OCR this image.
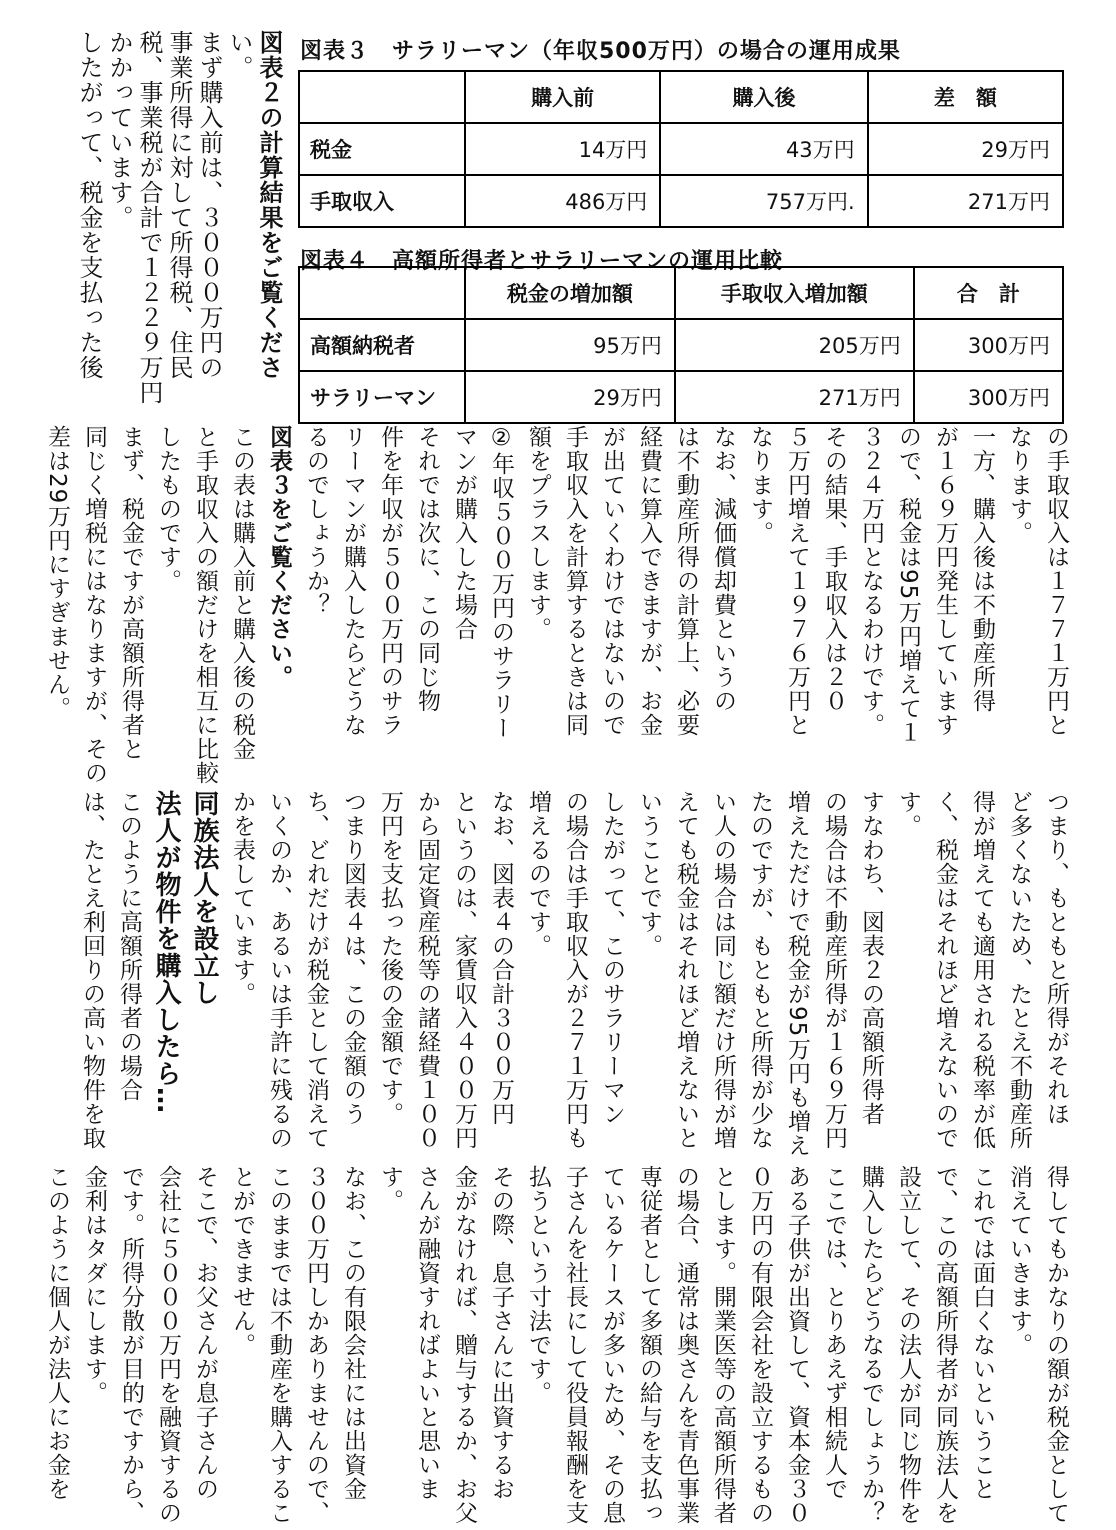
図表２の計算結果をご覧くださ
い。
まず購入前は、３０００万円の
事業所得に対して所得税、住民
税、事業税が合計で１２２９万円
かかっています。
したがって、税金を支払った後	図表３　サラリーマン（年収500万円）の場合の運用成果
	購入前	購入後	差　額
税金	14万円	43万円	29万円
手取収入	486万円	757万円.	271万円
図表４　高額所得者とサラリーマンの運用比較
	税金の増加額	手取収入増加額	合　計
高額納税者	95万円	205万円	300万円
サラリーマン	29万円	271万円	300万円
の手取収入は１７７１万円と
なります。
一方、購入後は不動産所得
が１６９万円発生しています
ので、税金は95万円増えて１
３２４万円となるわけです。
その結果、手取収入は２０
５万円増えて１９７６万円と
なります。
なお、減価償却費というの
は不動産所得の計算上、必要
経費に算入できますが、お金
が出ていくわけではないので
手取収入を計算するときは同
額をプラスします。
②年収５００万円のサラリー
マンが購入した場合
それでは次に、この同じ物
件を年収が５００万円のサラ
リーマンが購入したらどうな
るのでしょうか？
図表３をご覧ください。
この表は購入前と購入後の税金
と手取収入の額だけを相互に比較
したものです。
まず、税金ですが高額所得者と
同じく増税にはなりますが、その
差は29万円にすぎません。
つまり、もともと所得がそれほ
ど多くないため、たとえ不動産所
得が増えても適用される税率が低
く、税金はそれほど増えないので
す。
すなわち、図表２の高額所得者
の場合は不動産所得が１６９万円
増えただけで税金が95万円も増え
たのですが、もともと所得が少な
い人の場合は同じ額だけ所得が増
えても税金はそれほど増えないと
いうことです。
したがって、このサラリーマン
の場合は手取収入が２７１万円も
増えるのです。
なお、図表４の合計３００万円
というのは、家賃収入４００万円
から固定資産税等の諸経費１００
万円を支払った後の金額です。
つまり図表４は、この金額のう
ち、どれだけが税金として消えて
いくのか、あるいは手許に残るの
かを表しています。
同族法人を設立し
法人が物件を購入したら…
このように高額所得者の場合
は、たとえ利回りの高い物件を取
得してもかなりの額が税金として
消えていきます。
これでは面白くないということ
で、この高額所得者が同族法人を
設立して、その法人が同じ物件を
購入したらどうなるでしょうか？
ここでは、とりあえず相続人で
ある子供が出資して、資本金３０
０万円の有限会社を設立するもの
とします。開業医等の高額所得者
の場合、通常は奥さんを青色事業
専従者として多額の給与を支払っ
ているケースが多いため、その息
子さんを社長にして役員報酬を支
払うという寸法です。
その際、息子さんに出資するお
金がなければ、贈与するか、お父
さんが融資すればよいと思いま
す。
なお、この有限会社には出資金
３００万円しかありませんので、
このままでは不動産を購入するこ
とができません。
そこで、お父さんが息子さんの
会社に５０００万円を融資するの
です。所得分散が目的ですから、
金利はタダにします。
このように個人が法人にお金を
